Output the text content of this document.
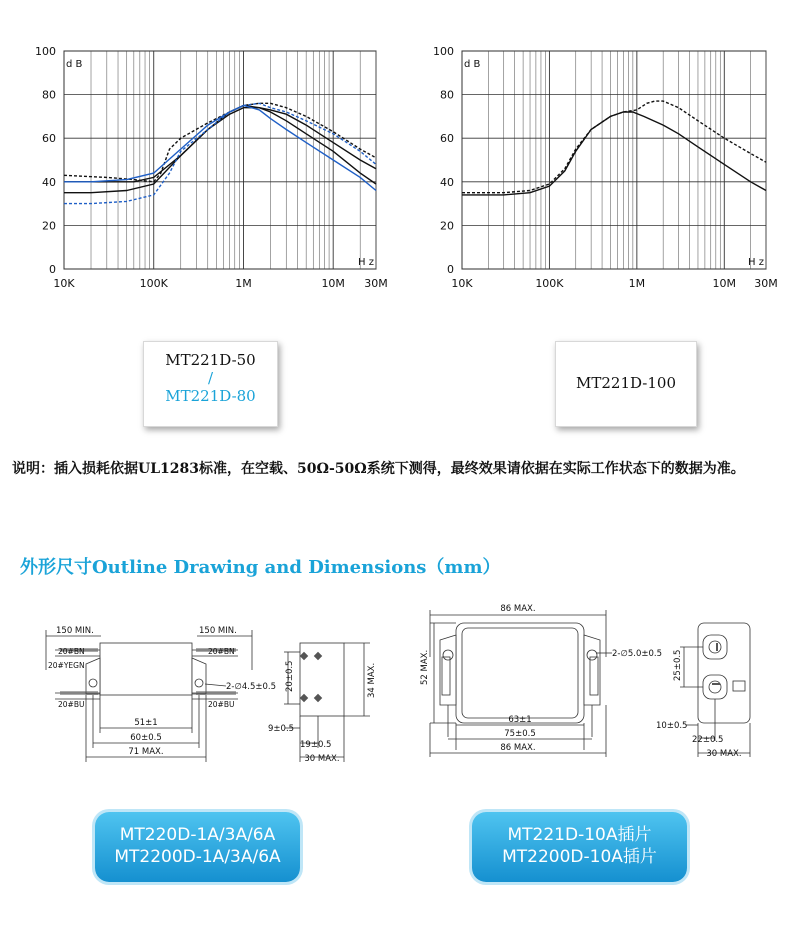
0
20
40
60
80
100
10K	100K	1M	10M 30M
d B
H z
0
20
40
60
80
100
10K	100K	1M	10M 30M
d B
H z
MT221D-50
/
MT221D-80
MT221D-100
说明：插入损耗依据UL1283标准，在空载、50Ω-50Ω系统下测得，最终效果请依据在实际工作状态下的数据为准。
外形尺寸Outline Drawing and Dimensions（mm）
150 MIN.	150 MIN.
20#BN
20#YEGN
20#BU
20#BN
20#BU
2-∅4.5±0.5
51±1
60±0.5
71 MAX.
20±0.5	34 MAX.
9±0.5
19±0.5
30 MAX.
86 MAX.
52 MAX.	2-∅5.0±0.5 25±0.5
63±1
75±0.5
86 MAX.
10±0.5
22±0.5
30 MAX.
MT220D-1A/3A/6A
MT2200D-1A/3A/6A
MT221D-10A插片
MT2200D-10A插片
